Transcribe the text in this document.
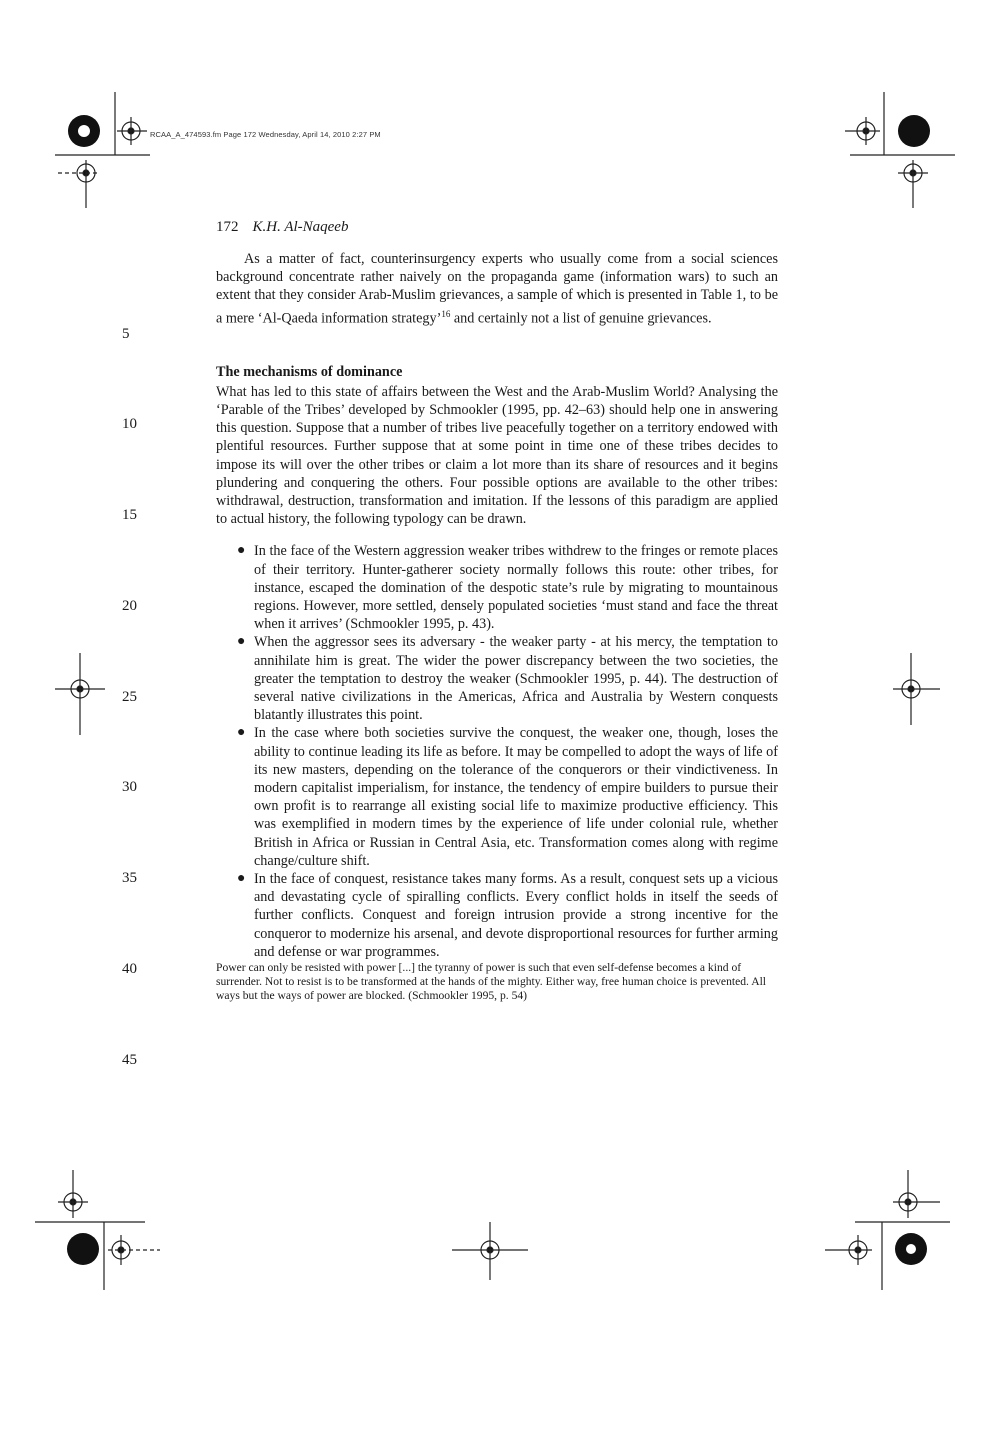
RCAA_A_474593.fm Page 172 Wednesday, April 14, 2010 2:27 PM
172 K.H. Al-Naqeeb
5
10
15
20
25
30
35
40
45

As a matter of fact, counterinsurgency experts who usually come from a social sciences background concentrate rather naively on the propaganda game (information wars) to such an extent that they consider Arab-Muslim grievances, a sample of which is presented in Table 1, to be a mere ‘Al-Qaeda information strategy’$^{16}$ and certainly not a list of genuine grievances.

The mechanisms of dominance

What has led to this state of affairs between the West and the Arab-Muslim World? Analysing the ‘Parable of the Tribes’ developed by Schmookler (1995, pp. 42–63) should help one in answering this question. Suppose that a number of tribes live peacefully together on a territory endowed with plentiful resources. Further suppose that at some point in time one of these tribes decides to impose its will over the other tribes or claim a lot more than its share of resources and it begins plundering and conquering the others. Four possible options are available to the other tribes: withdrawal, destruction, transformation and imitation. If the lessons of this paradigm are applied to actual history, the following typology can be drawn.

● In the face of the Western aggression weaker tribes withdrew to the fringes or remote places of their territory. Hunter-gatherer society normally follows this route: other tribes, for instance, escaped the domination of the despotic state’s rule by migrating to mountainous regions. However, more settled, densely populated societies ‘must stand and face the threat when it arrives’ (Schmookler 1995, p. 43).
● When the aggressor sees its adversary - the weaker party - at his mercy, the temptation to annihilate him is great. The wider the power discrepancy between the two societies, the greater the temptation to destroy the weaker (Schmookler 1995, p. 44). The destruction of several native civilizations in the Americas, Africa and Australia by Western conquests blatantly illustrates this point.
● In the case where both societies survive the conquest, the weaker one, though, loses the ability to continue leading its life as before. It may be compelled to adopt the ways of life of its new masters, depending on the tolerance of the conquerors or their vindictiveness. In modern capitalist imperialism, for instance, the tendency of empire builders to pursue their own profit is to rearrange all existing social life to maximize productive efficiency. This was exemplified in modern times by the experience of life under colonial rule, whether British in Africa or Russian in Central Asia, etc. Transformation comes along with regime change/culture shift.
● In the face of conquest, resistance takes many forms. As a result, conquest sets up a vicious and devastating cycle of spiralling conflicts. Every conflict holds in itself the seeds of further conflicts. Conquest and foreign intrusion provide a strong incentive for the conqueror to modernize his arsenal, and devote disproportional resources for further arming and defense or war programmes.

Power can only be resisted with power [...] the tyranny of power is such that even self-defense becomes a kind of surrender. Not to resist is to be transformed at the hands of the mighty. Either way, free human choice is prevented. All ways but the ways of power are blocked. (Schmookler 1995, p. 54)
